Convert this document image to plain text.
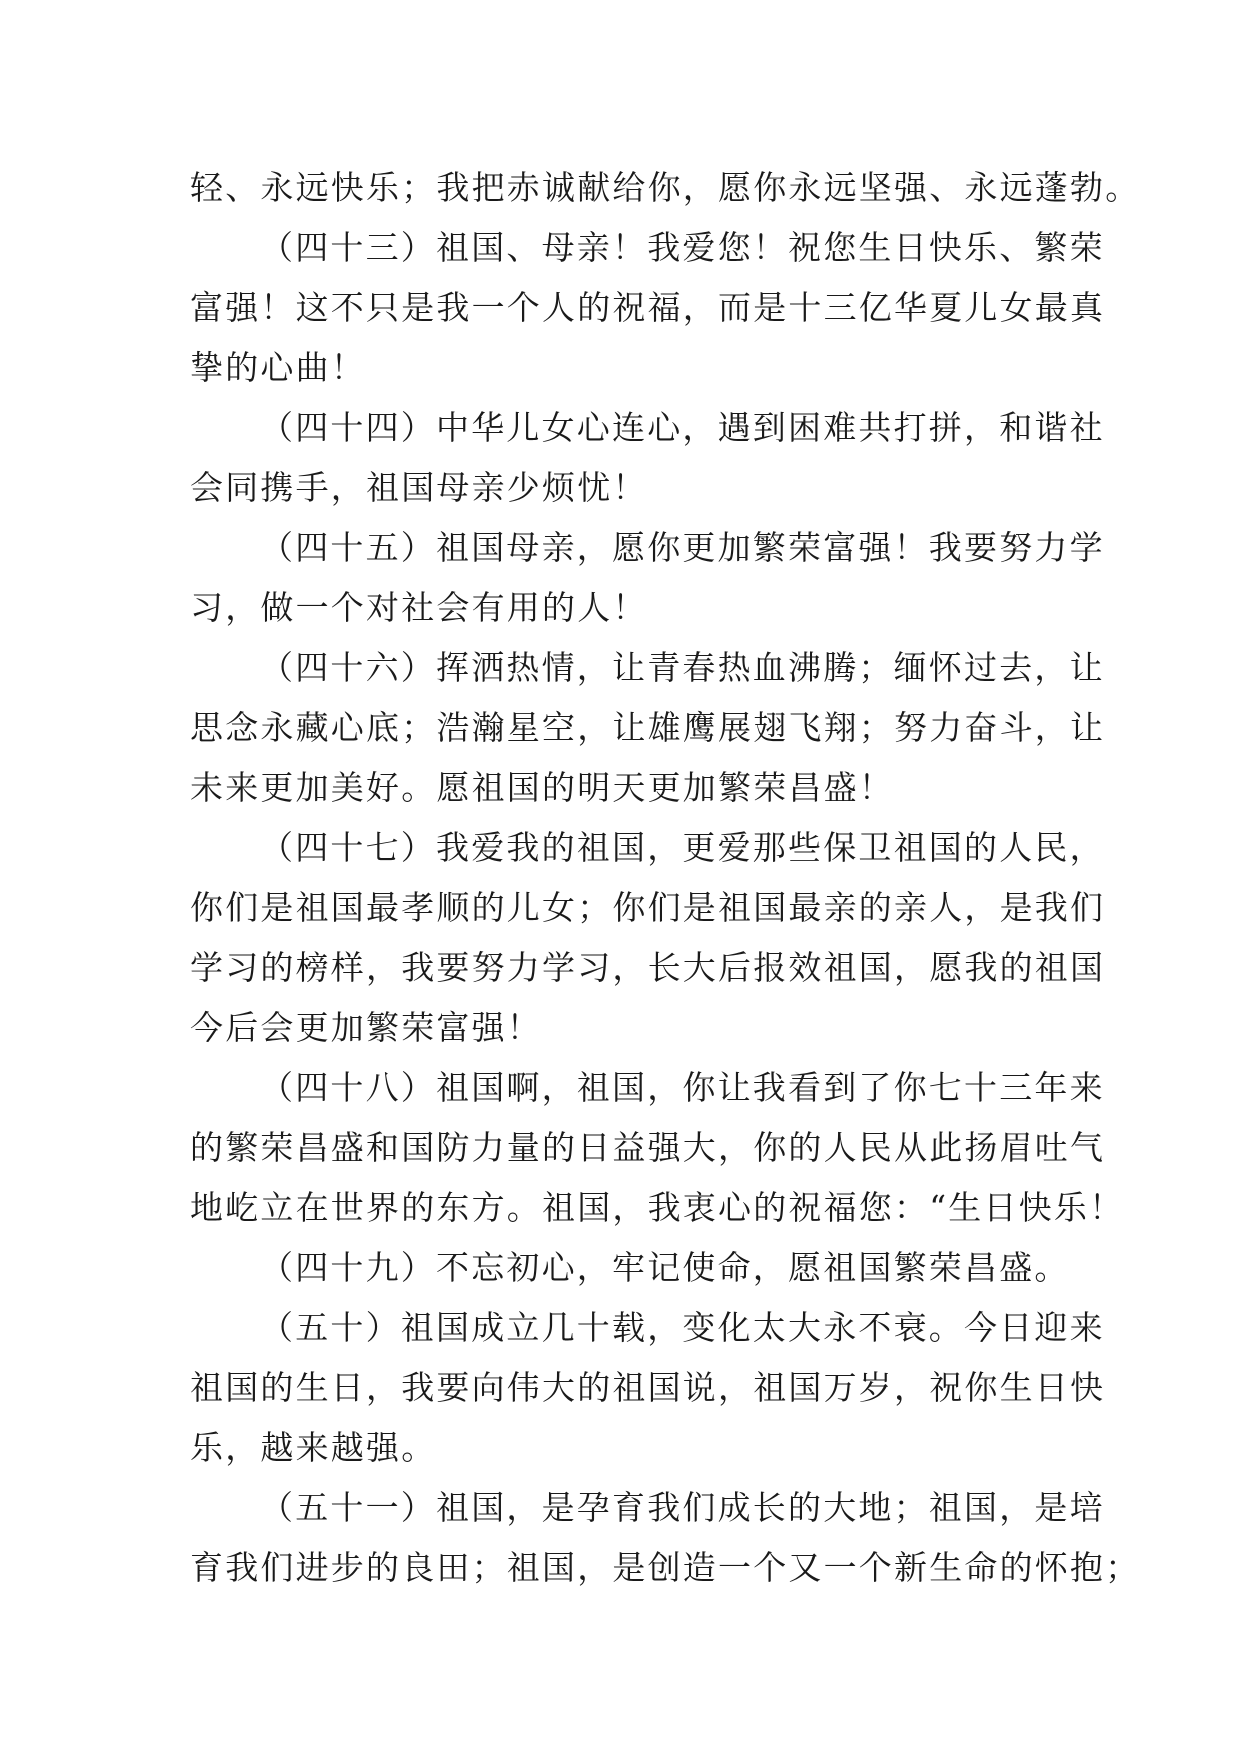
轻、永远快乐；我把赤诚献给你，愿你永远坚强、永远蓬勃。
（四十三）祖国、母亲！我爱您！祝您生日快乐、繁荣
富强！这不只是我一个人的祝福，而是十三亿华夏儿女最真
挚的心曲！
（四十四）中华儿女心连心，遇到困难共打拼，和谐社
会同携手，祖国母亲少烦忧！
（四十五）祖国母亲，愿你更加繁荣富强！我要努力学
习，做一个对社会有用的人！
（四十六）挥洒热情，让青春热血沸腾；缅怀过去，让
思念永藏心底；浩瀚星空，让雄鹰展翅飞翔；努力奋斗，让
未来更加美好。愿祖国的明天更加繁荣昌盛！
（四十七）我爱我的祖国，更爱那些保卫祖国的人民，
你们是祖国最孝顺的儿女；你们是祖国最亲的亲人，是我们
学习的榜样，我要努力学习，长大后报效祖国，愿我的祖国
今后会更加繁荣富强！
（四十八）祖国啊，祖国，你让我看到了你七十三年来
的繁荣昌盛和国防力量的日益强大，你的人民从此扬眉吐气
地屹立在世界的东方。祖国，我衷心的祝福您：“生日快乐！
（四十九）不忘初心，牢记使命，愿祖国繁荣昌盛。
（五十）祖国成立几十载，变化太大永不衰。今日迎来
祖国的生日，我要向伟大的祖国说，祖国万岁，祝你生日快
乐，越来越强。
（五十一）祖国，是孕育我们成长的大地；祖国，是培
育我们进步的良田；祖国，是创造一个又一个新生命的怀抱；
